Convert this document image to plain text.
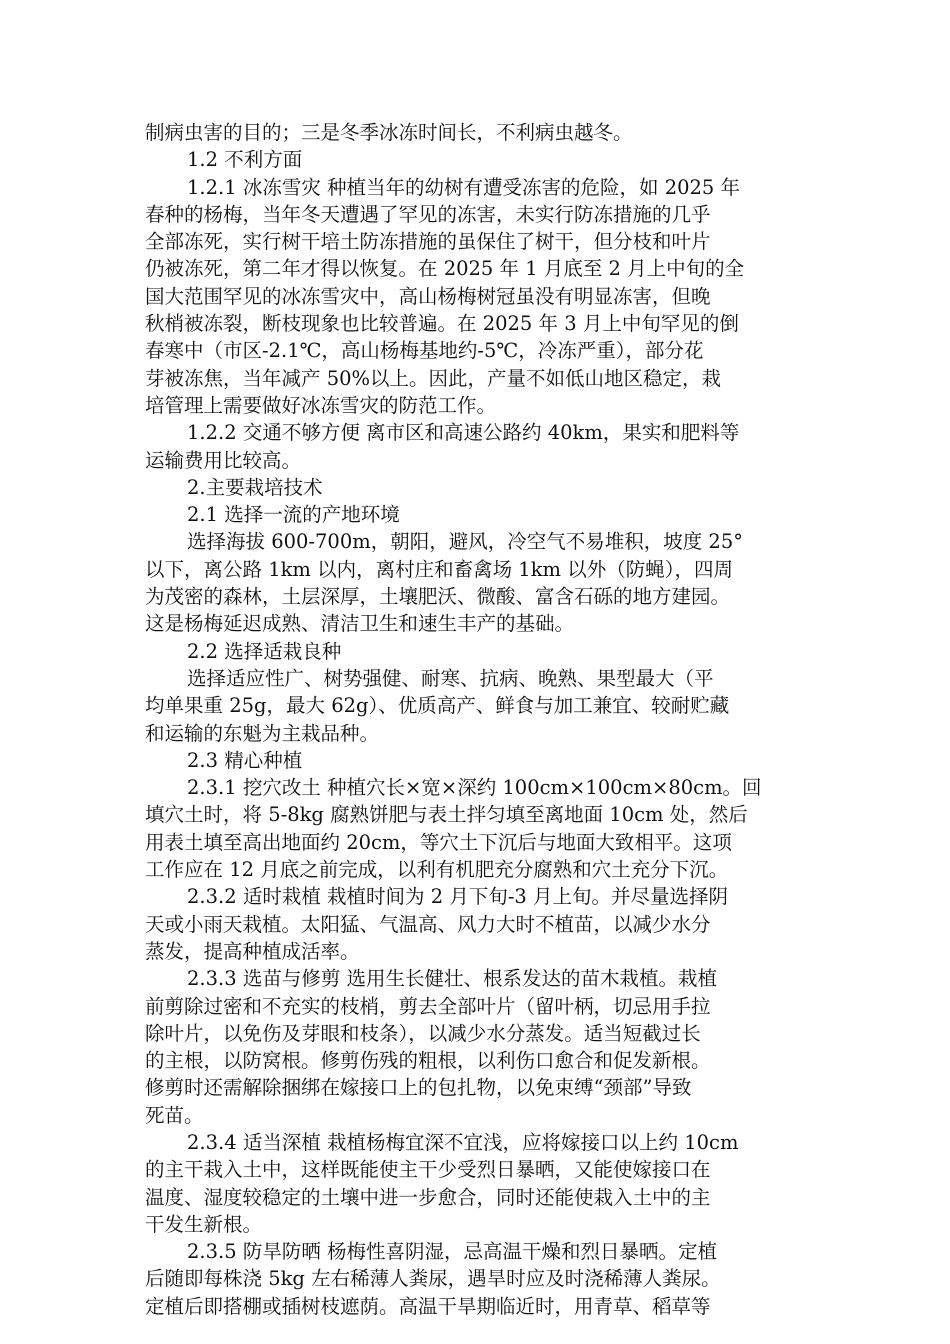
制病虫害的目的；三是冬季冰冻时间长，不利病虫越冬。
1.2 不利方面
1.2.1 冰冻雪灾 种植当年的幼树有遭受冻害的危险，如 2025 年
春种的杨梅，当年冬天遭遇了罕见的冻害，未实行防冻措施的几乎
全部冻死，实行树干培土防冻措施的虽保住了树干，但分枝和叶片
仍被冻死，第二年才得以恢复。在 2025 年 1 月底至 2 月上中旬的全
国大范围罕见的冰冻雪灾中，高山杨梅树冠虽没有明显冻害，但晚
秋梢被冻裂，断枝现象也比较普遍。在 2025 年 3 月上中旬罕见的倒
春寒中（市区-2.1℃，高山杨梅基地约-5℃，冷冻严重），部分花
芽被冻焦，当年减产 50%以上。因此，产量不如低山地区稳定，栽
培管理上需要做好冰冻雪灾的防范工作。
1.2.2 交通不够方便 离市区和高速公路约 40km，果实和肥料等
运输费用比较高。
2.主要栽培技术
2.1 选择一流的产地环境
选择海拔 600-700m，朝阳，避风，冷空气不易堆积，坡度 25°
以下，离公路 1km 以内，离村庄和畜禽场 1km 以外（防蝇），四周
为茂密的森林，土层深厚，土壤肥沃、微酸、富含石砾的地方建园。
这是杨梅延迟成熟、清洁卫生和速生丰产的基础。
2.2 选择适栽良种
选择适应性广、树势强健、耐寒、抗病、晚熟、果型最大（平
均单果重 25g，最大 62g）、优质高产、鲜食与加工兼宜、较耐贮藏
和运输的东魁为主栽品种。
2.3 精心种植
2.3.1 挖穴改土 种植穴长×宽×深约 100cm×100cm×80cm。回
填穴土时，将 5-8kg 腐熟饼肥与表土拌匀填至离地面 10cm 处，然后
用表土填至高出地面约 20cm，等穴土下沉后与地面大致相平。这项
工作应在 12 月底之前完成，以利有机肥充分腐熟和穴土充分下沉。
2.3.2 适时栽植 栽植时间为 2 月下旬-3 月上旬。并尽量选择阴
天或小雨天栽植。太阳猛、气温高、风力大时不植苗，以减少水分
蒸发，提高种植成活率。
2.3.3 选苗与修剪 选用生长健壮、根系发达的苗木栽植。栽植
前剪除过密和不充实的枝梢，剪去全部叶片（留叶柄，切忌用手拉
除叶片，以免伤及芽眼和枝条），以减少水分蒸发。适当短截过长
的主根，以防窝根。修剪伤残的粗根，以利伤口愈合和促发新根。
修剪时还需解除捆绑在嫁接口上的包扎物，以免束缚“颈部”导致
死苗。
2.3.4 适当深植 栽植杨梅宜深不宜浅，应将嫁接口以上约 10cm
的主干栽入土中，这样既能使主干少受烈日暴晒，又能使嫁接口在
温度、湿度较稳定的土壤中进一步愈合，同时还能使栽入土中的主
干发生新根。
2.3.5 防旱防晒 杨梅性喜阴湿，忌高温干燥和烈日暴晒。定植
后随即每株浇 5kg 左右稀薄人粪尿，遇旱时应及时浇稀薄人粪尿。
定植后即搭棚或插树枝遮荫。高温干旱期临近时，用青草、稻草等
